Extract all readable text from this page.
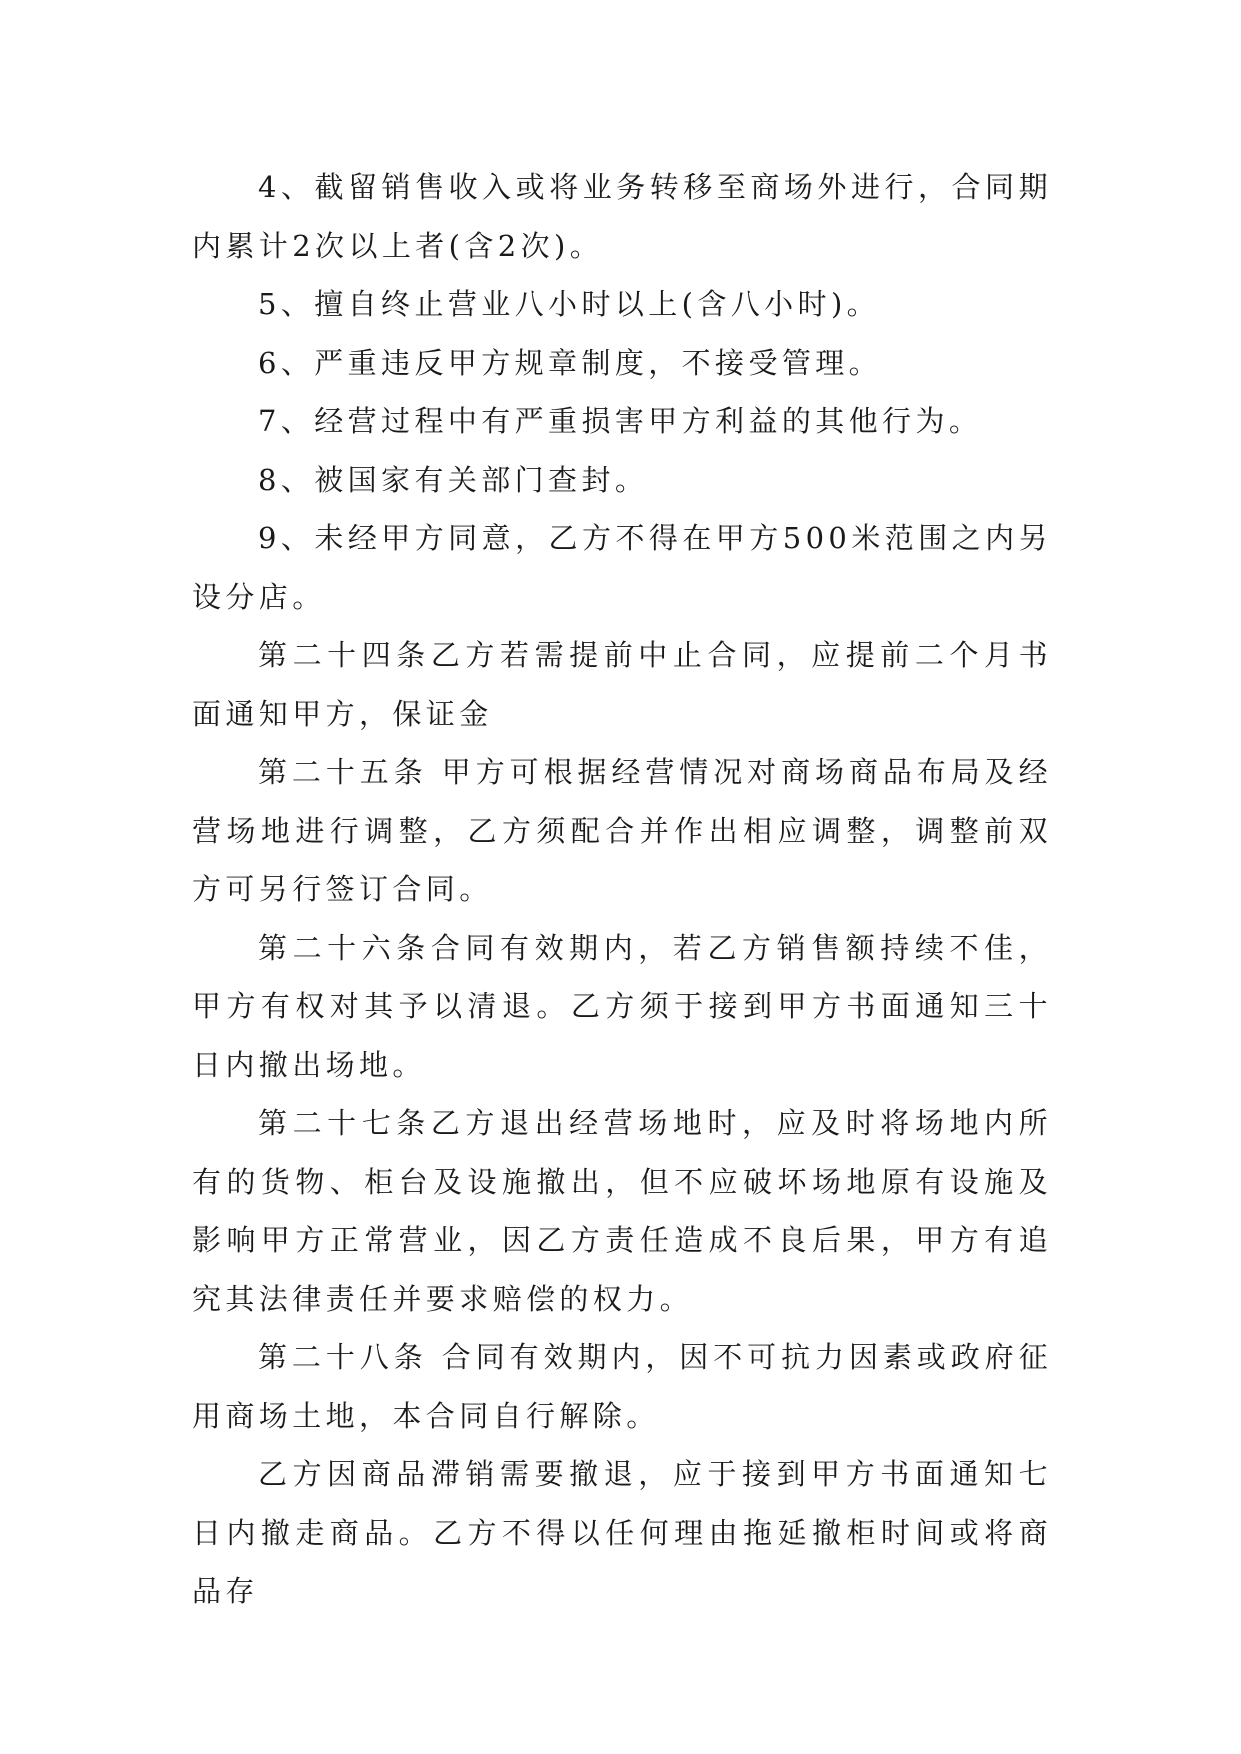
4、截留销售收入或将业务转移至商场外进行，合同期内累计2次以上者(含2次)。

5、擅自终止营业八小时以上(含八小时)。

6、严重违反甲方规章制度，不接受管理。

7、经营过程中有严重损害甲方利益的其他行为。

8、被国家有关部门查封。

9、未经甲方同意，乙方不得在甲方500米范围之内另设分店。

第二十四条乙方若需提前中止合同，应提前二个月书面通知甲方，保证金

第二十五条 甲方可根据经营情况对商场商品布局及经营场地进行调整，乙方须配合并作出相应调整，调整前双方可另行签订合同。

第二十六条合同有效期内，若乙方销售额持续不佳，甲方有权对其予以清退。乙方须于接到甲方书面通知三十日内撤出场地。

第二十七条乙方退出经营场地时，应及时将场地内所有的货物、柜台及设施撤出，但不应破坏场地原有设施及影响甲方正常营业，因乙方责任造成不良后果，甲方有追究其法律责任并要求赔偿的权力。

第二十八条 合同有效期内，因不可抗力因素或政府征用商场土地，本合同自行解除。

乙方因商品滞销需要撤退，应于接到甲方书面通知七日内撤走商品。乙方不得以任何理由拖延撤柜时间或将商品存
